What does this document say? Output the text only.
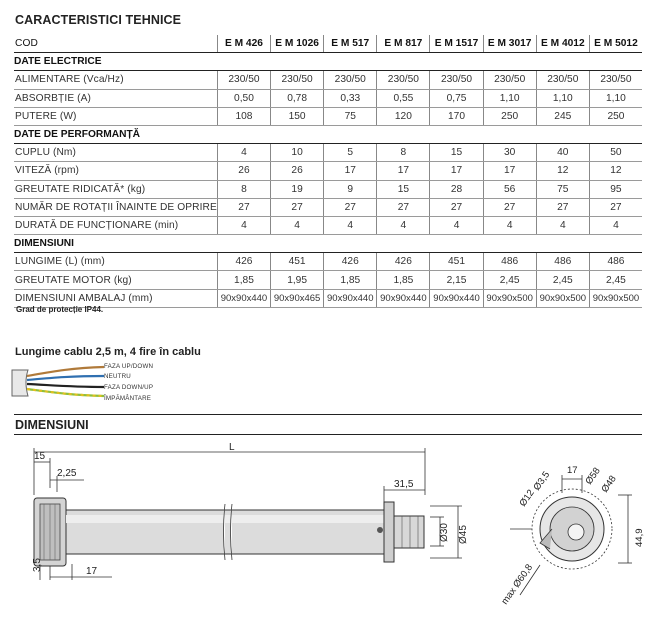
CARACTERISTICI TEHNICE
COD	E M 426	E M 1026	E M 517	E M 817	E M 1517	E M 3017	E M 4012	E M 5012
DATE ELECTRICE								
ALIMENTARE (Vca/Hz)	230/50	230/50	230/50	230/50	230/50	230/50	230/50	230/50
ABSORBȚIE (A)	0,50	0,78	0,33	0,55	0,75	1,10	1,10	1,10
PUTERE (W)	108	150	75	120	170	250	245	250
DATE DE PERFORMANȚĂ								
CUPLU (Nm)	4	10	5	8	15	30	40	50
VITEZĂ (rpm)	26	26	17	17	17	17	12	12
GREUTATE RIDICATĂ* (kg)	8	19	9	15	28	56	75	95
NUMĂR DE ROTAȚII ÎNAINTE DE OPRIRE	27	27	27	27	27	27	27	27
DURATĂ DE FUNCȚIONARE (min)	4	4	4	4	4	4	4	4
DIMENSIUNI								
LUNGIME (L) (mm)	426	451	426	426	451	486	486	486
GREUTATE MOTOR (kg)	1,85	1,95	1,85	1,85	2,15	2,45	2,45	2,45
DIMENSIUNI AMBALAJ (mm)	90x90x440	90x90x465	90x90x440	90x90x440	90x90x440	90x90x500	90x90x500	90x90x500
Grad de protecție IP44.
Lungime cablu 2,5 m, 4 fire în cablu
FAZA UP/DOWN
NEUTRU
FAZA DOWN/UP
ÎMPĂMÂNTARE
DIMENSIUNI
L
15
2,25
31,5
17
3,5
Ø30 Ø45
17
Ø3,5
Ø12
Ø58
Ø48
44,9
max Ø60,8
